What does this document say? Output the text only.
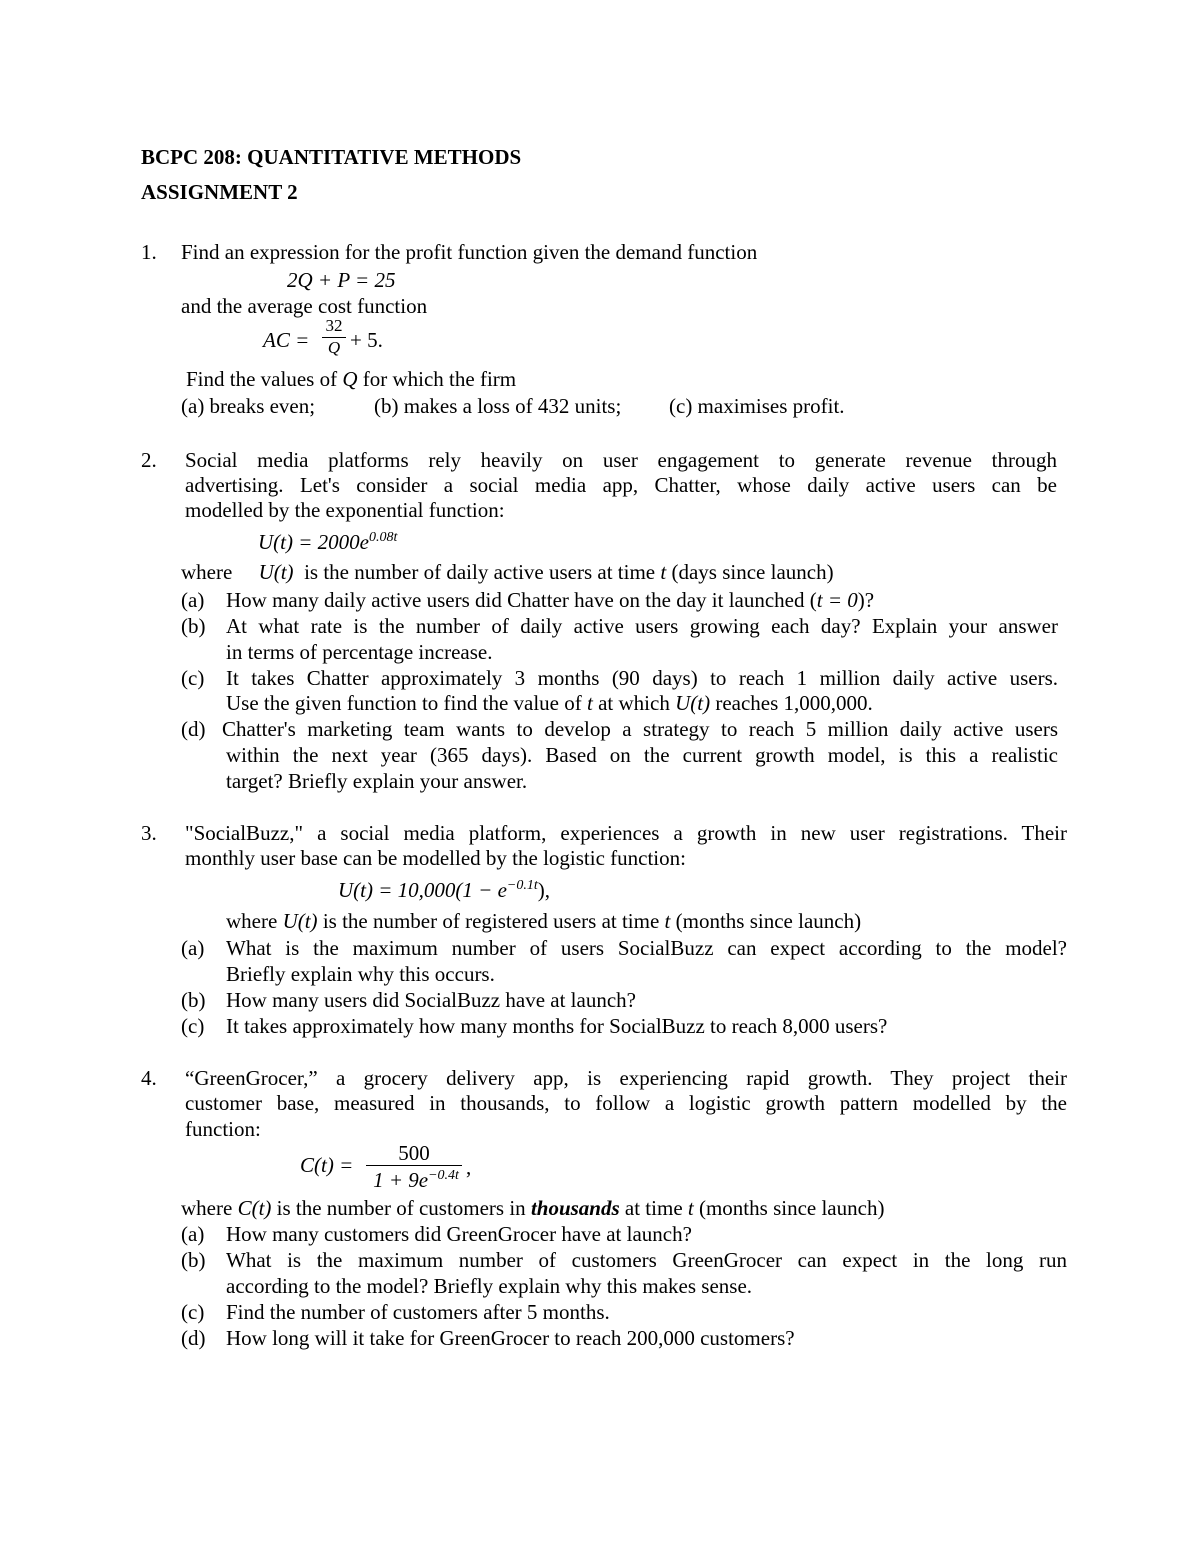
BCPC 208: QUANTITATIVE METHODS
ASSIGNMENT 2
1. Find an expression for the profit function given the demand function
2Q + P = 25
and the average cost function
AC =
32
Q + 5.
Find the values of Q for which the firm
(a) breaks even;	(b) makes a loss of 432 units; (c) maximises profit.
2. Social media platforms rely heavily on user engagement to generate revenue through
advertising. Let's consider a social media app, Chatter, whose daily active users can be
modelled by the exponential function:
$U(t) = 2000e^{0.08t}$
where U(t) is the number of daily active users at time t (days since launch)
(a) How many daily active users did Chatter have on the day it launched (t = 0)?
(b) At what rate is the number of daily active users growing each day? Explain your answer
in terms of percentage increase.
(c) It takes Chatter approximately 3 months (90 days) to reach 1 million daily active users.
Use the given function to find the value of t at which U(t) reaches 1,000,000.
(d) Chatter's marketing team wants to develop a strategy to reach 5 million daily active users
within the next year (365 days). Based on the current growth model, is this a realistic
target? Briefly explain your answer.
3. "SocialBuzz," a social media platform, experiences a growth in new user registrations. Their
monthly user base can be modelled by the logistic function:
$U(t) = 10,000(1 - e^{-0.1t})$,
where U(t) is the number of registered users at time t (months since launch)
(a) What is the maximum number of users SocialBuzz can expect according to the model?
Briefly explain why this occurs.
(b) How many users did SocialBuzz have at launch?
(c) It takes approximately how many months for SocialBuzz to reach 8,000 users?
4. “GreenGrocer,” a grocery delivery app, is experiencing rapid growth. They project their
customer base, measured in thousands, to follow a logistic growth pattern modelled by the
function:
C(t) =	500
$1 + 9e^{-0.4t}$ ,
where C(t) is the number of customers in thousands at time t (months since launch)
(a) How many customers did GreenGrocer have at launch?
(b) What is the maximum number of customers GreenGrocer can expect in the long run
according to the model? Briefly explain why this makes sense.
(c) Find the number of customers after 5 months.
(d) How long will it take for GreenGrocer to reach 200,000 customers?
